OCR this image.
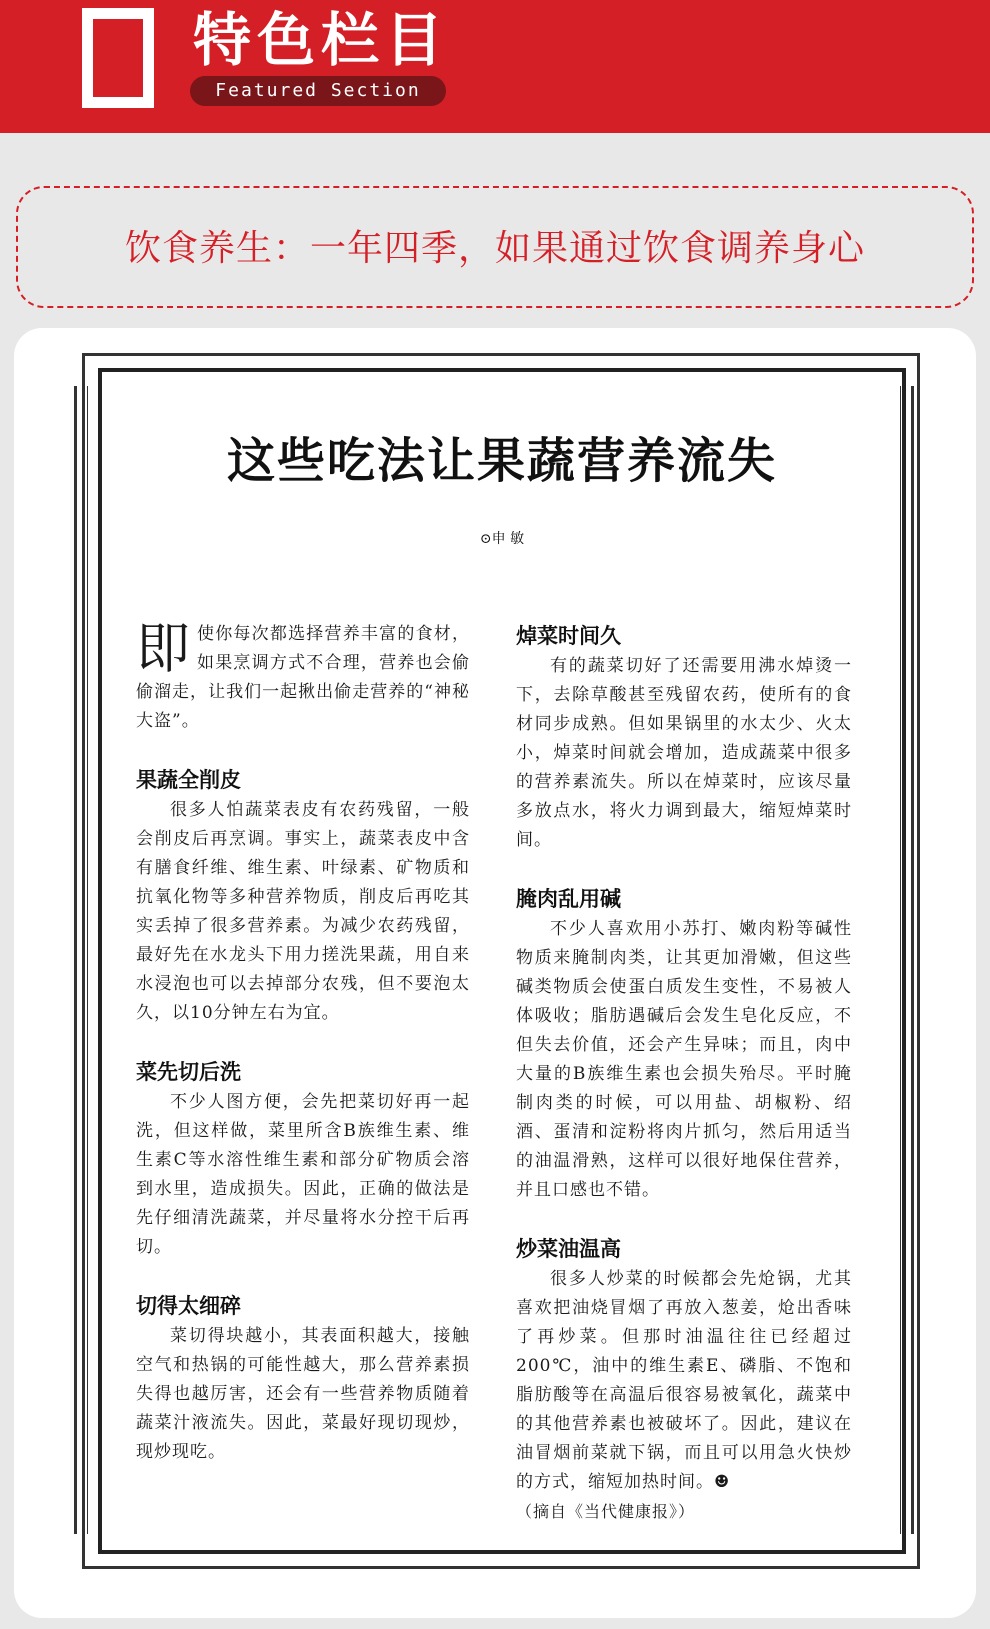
特色栏目
Featured Section
饮食养生：一年四季，如果通过饮食调养身心
这些吃法让果蔬营养流失
⊙申 敏

即使你每次都选择营养丰富的食材，如果烹调方式不合理，营养也会偷偷溜走，让我们一起揪出偷走营养的“神秘大盗”。

果蔬全削皮

很多人怕蔬菜表皮有农药残留，一般会削皮后再烹调。事实上，蔬菜表皮中含有膳食纤维、维生素、叶绿素、矿物质和抗氧化物等多种营养物质，削皮后再吃其实丢掉了很多营养素。为减少农药残留，最好先在水龙头下用力搓洗果蔬，用自来水浸泡也可以去掉部分农残，但不要泡太久，以10分钟左右为宜。

菜先切后洗

不少人图方便，会先把菜切好再一起洗，但这样做，菜里所含B族维生素、维生素C等水溶性维生素和部分矿物质会溶到水里，造成损失。因此，正确的做法是先仔细清洗蔬菜，并尽量将水分控干后再切。

切得太细碎

菜切得块越小，其表面积越大，接触空气和热锅的可能性越大，那么营养素损失得也越厉害，还会有一些营养物质随着蔬菜汁液流失。因此，菜最好现切现炒，现炒现吃。

焯菜时间久

有的蔬菜切好了还需要用沸水焯烫一下，去除草酸甚至残留农药，使所有的食材同步成熟。但如果锅里的水太少、火太小，焯菜时间就会增加，造成蔬菜中很多的营养素流失。所以在焯菜时，应该尽量多放点水，将火力调到最大，缩短焯菜时间。

腌肉乱用碱

不少人喜欢用小苏打、嫩肉粉等碱性物质来腌制肉类，让其更加滑嫩，但这些碱类物质会使蛋白质发生变性，不易被人体吸收；脂肪遇碱后会发生皂化反应，不但失去价值，还会产生异味；而且，肉中大量的B族维生素也会损失殆尽。平时腌制肉类的时候，可以用盐、胡椒粉、绍酒、蛋清和淀粉将肉片抓匀，然后用适当的油温滑熟，这样可以很好地保住营养，并且口感也不错。

炒菜油温高

很多人炒菜的时候都会先炝锅，尤其喜欢把油烧冒烟了再放入葱姜，炝出香味了再炒菜。但那时油温往往已经超过200℃，油中的维生素E、磷脂、不饱和脂肪酸等在高温后很容易被氧化，蔬菜中的其他营养素也被破坏了。因此，建议在油冒烟前菜就下锅，而且可以用急火快炒的方式，缩短加热时间。☻

（摘自《当代健康报》）
